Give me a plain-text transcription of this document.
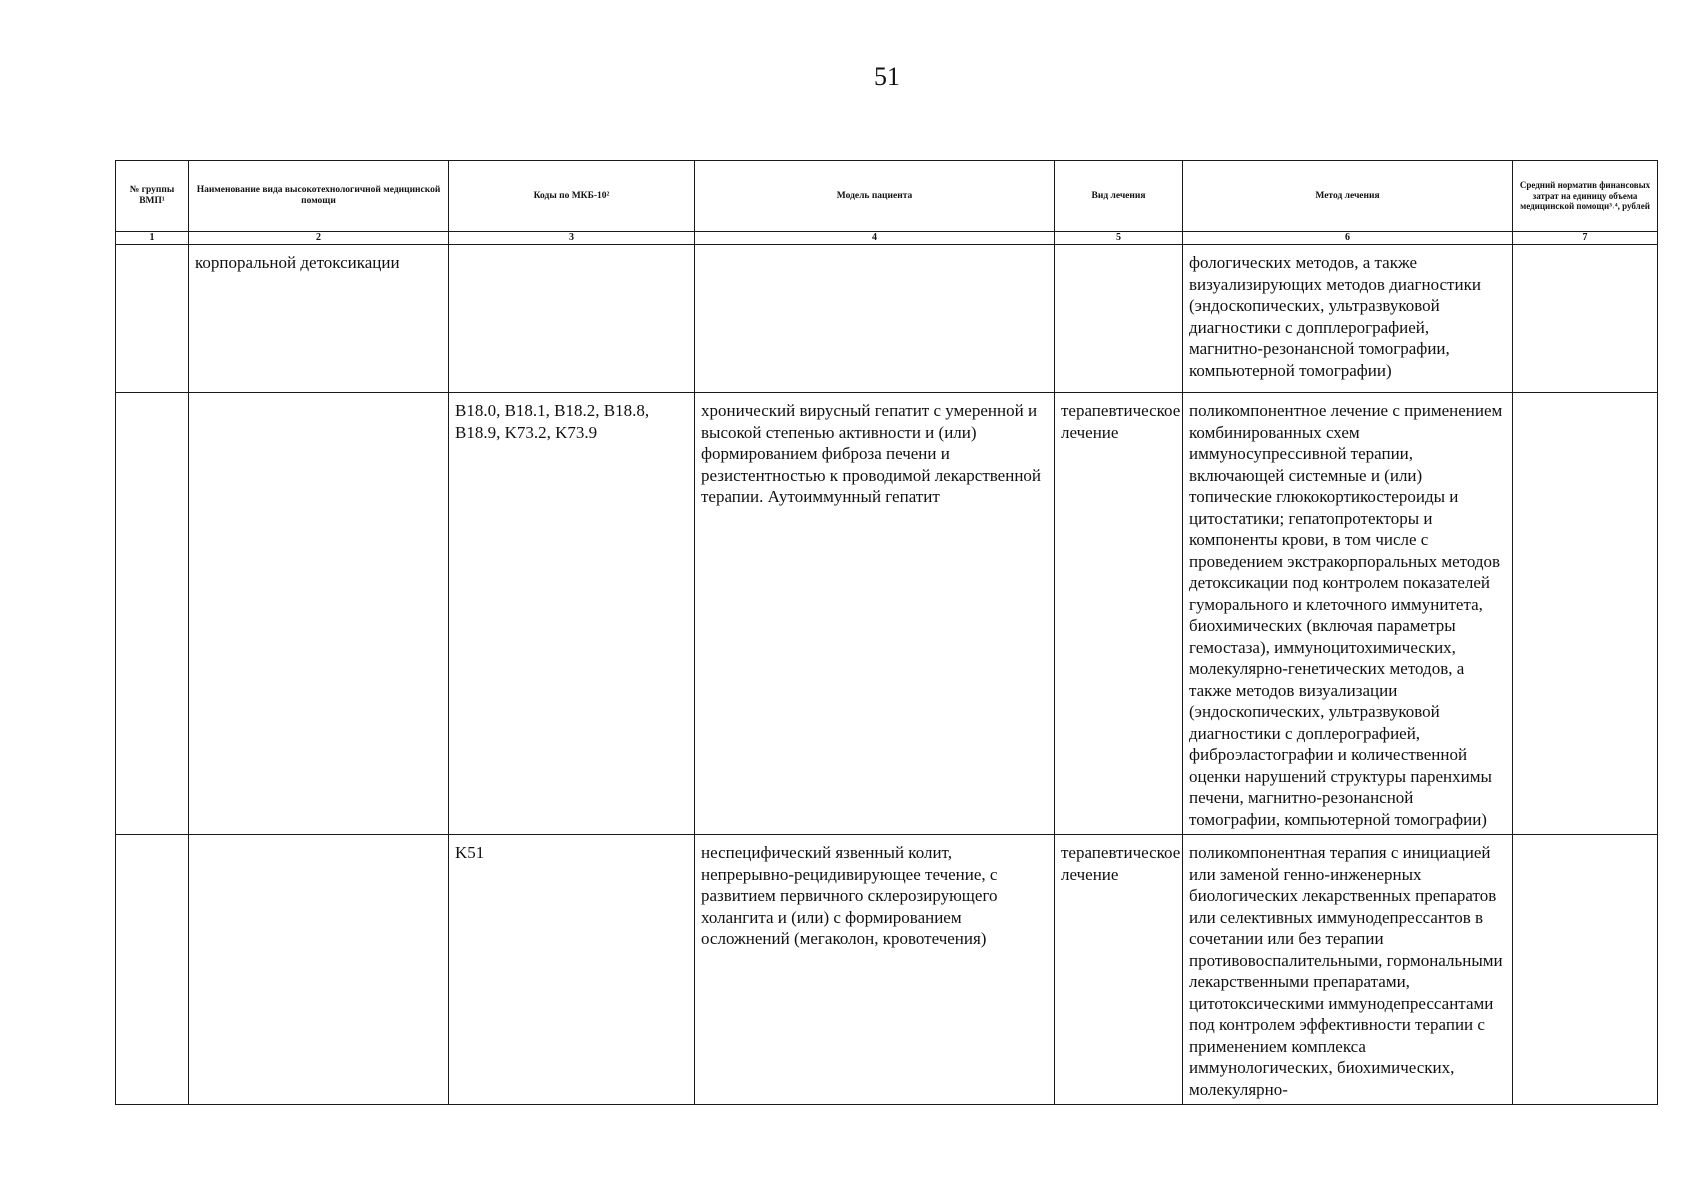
51
№ группы ВМП¹	Наименование вида высокотехнологичной медицинской помощи	Коды по МКБ-10²	Модель пациента	Вид лечения	Метод лечения	Средний норматив финансовых затрат на единицу объема медицинской помощи³˒⁴, рублей
1	2	3	4	5	6	7
	корпоральной детоксикации				фологических методов, а также визуализирующих методов диагностики (эндоскопических, ультразвуковой диагностики с допплерографией, магнитно-резонансной томографии, компьютерной томографии)	
		B18.0, B18.1, B18.2, B18.8, B18.9, K73.2, K73.9	хронический вирусный гепатит с умеренной и высокой степенью активности и (или) формированием фиброза печени и резистентностью к проводимой лекарственной терапии. Аутоиммунный гепатит	терапевтическое лечение	поликомпонентное лечение с применением комбинированных схем иммуносупрессивной терапии, включающей системные и (или) топические глюкокортикостероиды и цитостатики; гепатопротекторы и компоненты крови, в том числе с проведением экстракорпоральных методов детоксикации под контролем показателей гуморального и клеточного иммунитета, биохимических (включая параметры гемостаза), иммуноцитохимических, молекулярно-генетических методов, а также методов визуализации (эндоскопических, ультразвуковой диагностики с доплерографией, фиброэластографии и количественной оценки нарушений структуры паренхимы печени, магнитно-резонансной томографии, компьютерной томографии)	
		K51	неспецифический язвенный колит, непрерывно-рецидивирующее течение, с развитием первичного склерозирующего холангита и (или) с формированием осложнений (мегаколон, кровотечения)	терапевтическое лечение	поликомпонентная терапия с инициацией или заменой генно-инженерных биологических лекарственных препаратов или селективных иммунодепрессантов в сочетании или без терапии противовоспалительными, гормональными лекарственными препаратами, цитотоксическими иммунодепрессантами под контролем эффективности терапии с применением комплекса иммунологических, биохимических, молекулярно-	
